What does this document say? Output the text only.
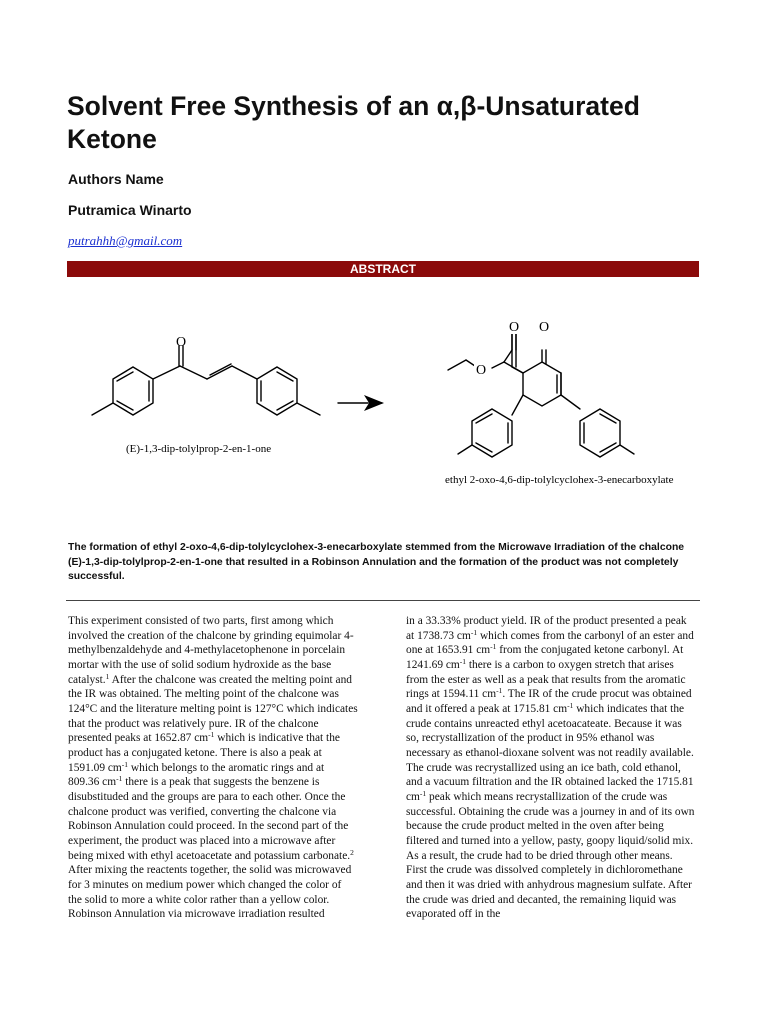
Solvent Free Synthesis of an α,β-Unsaturated Ketone
Authors Name
Putramica Winarto
putrahhh@gmail.com
ABSTRACT
O
O O
O
(E)-1,3-dip-tolylprop-2-en-1-one
ethyl 2-oxo-4,6-dip-tolylcyclohex-3-enecarboxylate

The formation of ethyl 2-oxo-4,6-dip-tolylcyclohex-3-enecarboxylate stemmed from the Microwave Irradiation of the chalcone (E)-1,3-dip-tolylprop-2-en-1-one that resulted in a Robinson Annulation and the formation of the product was not completely successful.

This experiment consisted of two parts, first among which involved the creation of the chalcone by grinding equimolar 4-methylbenzaldehyde and 4-methylacetophenone in porcelain mortar with the use of solid sodium hydroxide as the base catalyst.$^1$ After the chalcone was created the melting point and the IR was obtained. The melting point of the chalcone was 124°C and the literature melting point is 127°C which indicates that the product was relatively pure. IR of the chalcone presented peaks at 1652.87 $cm^{-1}$ which is indicative that the product has a conjugated ketone. There is also a peak at 1591.09 $cm^{-1}$ which belongs to the aromatic rings and at 809.36 $cm^{-1}$ there is a peak that suggests the benzene is disubstituded and the groups are para to each other. Once the chalcone product was verified, converting the chalcone via Robinson Annulation could proceed. In the second part of the experiment, the product was placed into a microwave after being mixed with ethyl acetoacetate and potassium carbonate.$^2$ After mixing the reactents together, the solid was microwaved for 3 minutes on medium power which changed the color of the solid to more a white color rather than a yellow color. Robinson Annulation via microwave irradiation resulted

in a 33.33% product yield. IR of the product presented a peak at 1738.73 $cm^{-1}$ which comes from the carbonyl of an ester and one at 1653.91 $cm^{-1}$ from the conjugated ketone carbonyl. At 1241.69 $cm^{-1}$ there is a carbon to oxygen stretch that arises from the ester as well as a peak that results from the aromatic rings at 1594.11 $cm^{-1}$. The IR of the crude procut was obtained and it offered a peak at 1715.81 $cm^{-1}$ which indicates that the crude contains unreacted ethyl acetoacateate. Because it was so, recrystallization of the product in 95% ethanol was necessary as ethanol-dioxane solvent was not readily available. The crude was recrystallized using an ice bath, cold ethanol, and a vacuum filtration and the IR obtained lacked the 1715.81 $cm^{-1}$ peak which means recrystallization of the crude was successful. Obtaining the crude was a journey in and of its own because the crude product melted in the oven after being filtered and turned into a yellow, pasty, goopy liquid/solid mix. As a result, the crude had to be dried through other means. First the crude was dissolved completely in dichloromethane and then it was dried with anhydrous magnesium sulfate. After the crude was dried and decanted, the remaining liquid was evaporated off in the
